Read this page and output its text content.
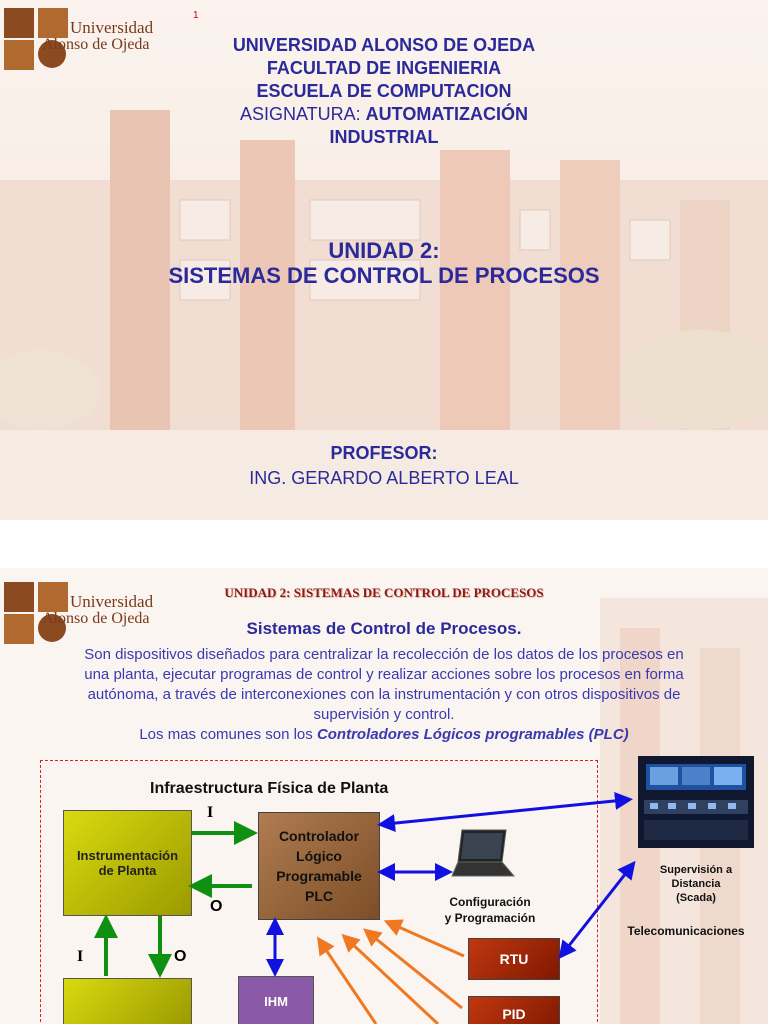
Universidad
Alonso de Ojeda
1
UNIVERSIDAD ALONSO DE OJEDA
FACULTAD DE INGENIERIA
ESCUELA DE COMPUTACION
ASIGNATURA: AUTOMATIZACIÓN
INDUSTRIAL
UNIDAD 2:
SISTEMAS DE CONTROL DE PROCESOS
PROFESOR:
ING. GERARDO ALBERTO LEAL
Universidad
Alonso de Ojeda
UNIDAD 2: SISTEMAS DE CONTROL DE PROCESOS
Sistemas de Control de Procesos.
Son dispositivos diseñados para centralizar la recolección de los datos de los procesos en
una planta, ejecutar programas de control y realizar acciones sobre los procesos en forma
autónoma, a través de interconexiones con la instrumentación y con otros dispositivos de
supervisión y control.
Los mas comunes son los Controladores Lógicos programables (PLC)
Infraestructura Física de Planta
Instrumentación
de Planta
Controlador
Lógico
Programable
PLC
IHM
RTU
PID
Configuración
y Programación
Supervisión a
Distancia
(Scada)
Telecomunicaciones
I
O
I	O
